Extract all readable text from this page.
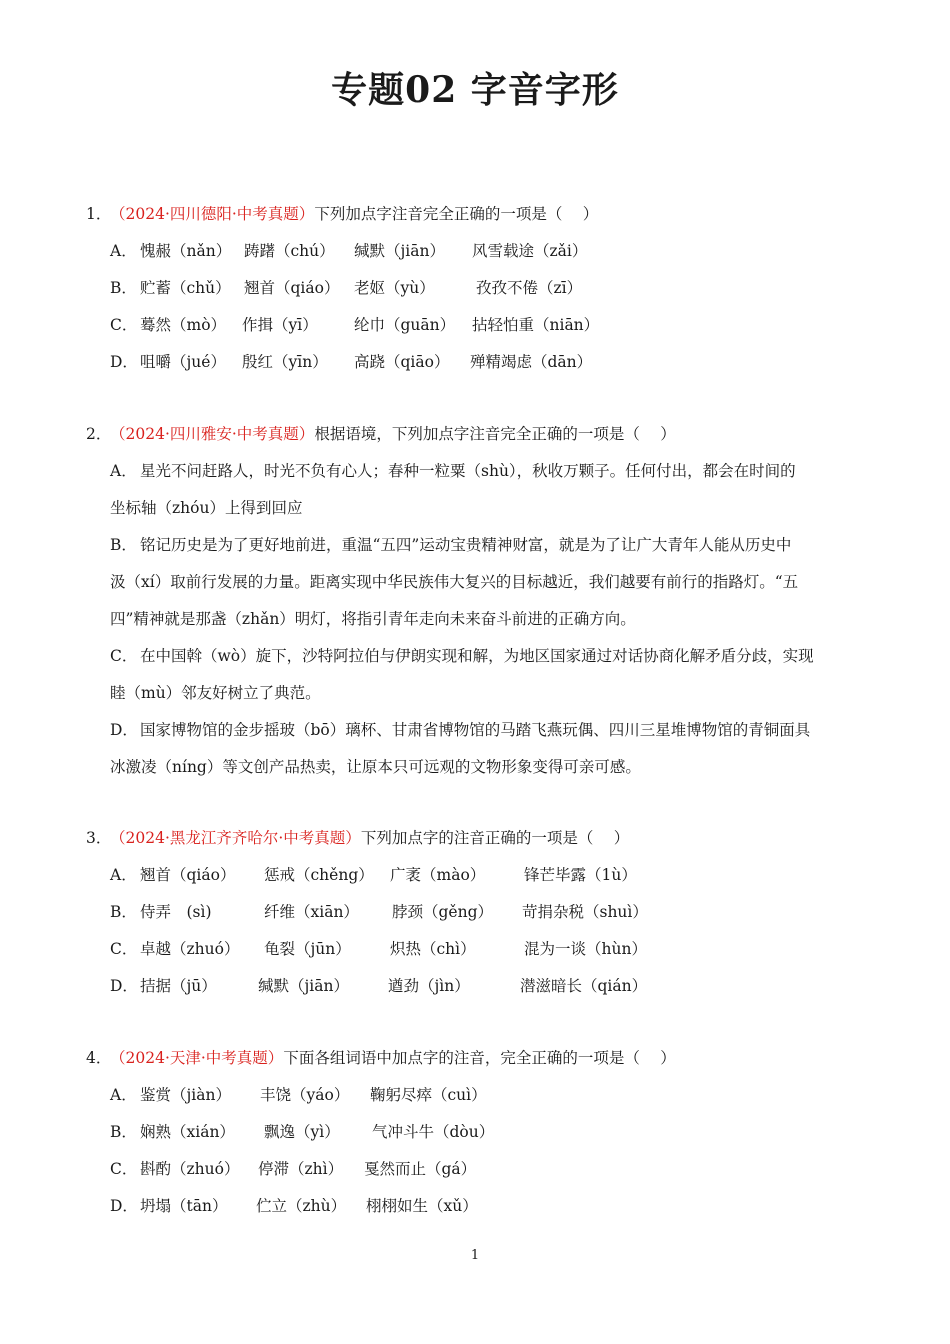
专题02 字音字形
1．（2024·四川德阳·中考真题）下列加点字注音完全正确的一项是（　 ）
A． 愧赧（nǎn） 踌躇（chú） 缄默（jiān） 风雪载途（zǎi）
B． 贮蓄（chǔ） 翘首（qiáo） 老妪（yù）	孜孜不倦（zī）
C． 蓦然（mò） 作揖（yī） 纶巾（guān） 拈轻怕重（niān）
D． 咀嚼（jué） 殷红（yīn） 高跷（qiāo） 殚精竭虑（dān）
2．（2024·四川雅安·中考真题）根据语境，下列加点字注音完全正确的一项是（　 ）
A． 星光不问赶路人，时光不负有心人；春种一粒粟（shù），秋收万颗子。任何付出，都会在时间的
坐标轴（zhóu）上得到回应
B． 铭记历史是为了更好地前进，重温“五四”运动宝贵精神财富，就是为了让广大青年人能从历史中
汲（xí）取前行发展的力量。距离实现中华民族伟大复兴的目标越近，我们越要有前行的指路灯。“五
四”精神就是那盏（zhǎn）明灯，将指引青年走向未来奋斗前进的正确方向。
C． 在中国斡（wò）旋下，沙特阿拉伯与伊朗实现和解，为地区国家通过对话协商化解矛盾分歧，实现
睦（mù）邻友好树立了典范。
D． 国家博物馆的金步摇玻（bō）璃杯、甘肃省博物馆的马踏飞燕玩偶、四川三星堆博物馆的青铜面具
冰激凌（níng）等文创产品热卖，让原本只可远观的文物形象变得可亲可感。
3．（2024·黑龙江齐齐哈尔·中考真题）下列加点字的注音正确的一项是（　 ）
A． 翘首（qiáo） 惩戒（chěng） 广袤（mào） 锋芒毕露（1ù）
B． 侍弄　(sì)	纤维（xiān） 脖颈（gěng） 苛捐杂税（shuì）
C． 卓越（zhuó） 龟裂（jūn）	炽热（chì）	混为一谈（hùn）
D． 拮据（jū）	缄默（jiān）	遒劲（jìn）	潜滋暗长（qián）
4．（2024·天津·中考真题）下面各组词语中加点字的注音，完全正确的一项是（　 ）
A． 鉴赏（jiàn） 丰饶（yáo） 鞠躬尽瘁（cuì）
B． 娴熟（xián） 飘逸（yì） 气冲斗牛（dòu）
C． 斟酌（zhuó） 停滞（zhì） 戛然而止（gá）
D． 坍塌（tān） 伫立（zhù） 栩栩如生（xǔ）
1
